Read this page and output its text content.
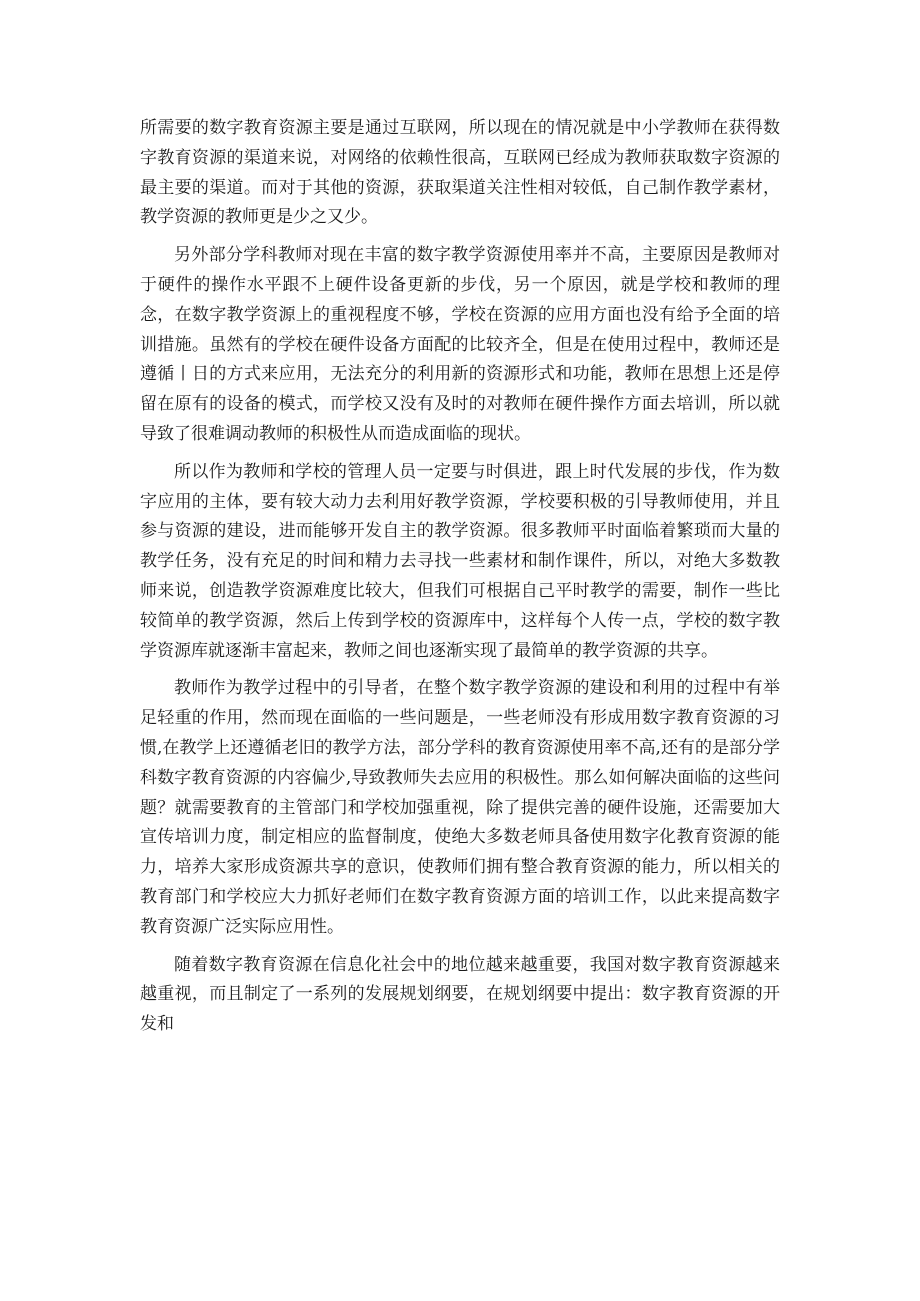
所需要的数字教育资源主要是通过互联网，所以现在的情况就是中小学教师在获得数字教育资源的渠道来说，对网络的依赖性很高，互联网已经成为教师获取数字资源的最主要的渠道。而对于其他的资源，获取渠道关注性相对较低，自己制作教学素材，教学资源的教师更是少之又少。

另外部分学科教师对现在丰富的数字教学资源使用率并不高，主要原因是教师对于硬件的操作水平跟不上硬件设备更新的步伐，另一个原因，就是学校和教师的理念，在数字教学资源上的重视程度不够，学校在资源的应用方面也没有给予全面的培训措施。虽然有的学校在硬件设备方面配的比较齐全，但是在使用过程中，教师还是遵循丨日的方式来应用，无法充分的利用新的资源形式和功能，教师在思想上还是停留在原有的设备的模式，而学校又没有及时的对教师在硬件操作方面去培训，所以就导致了很难调动教师的积极性从而造成面临的现状。

所以作为教师和学校的管理人员一定要与时俱进，跟上时代发展的步伐，作为数字应用的主体，要有较大动力去利用好教学资源，学校要积极的引导教师使用，并且参与资源的建设，进而能够开发自主的教学资源。很多教师平时面临着繁琐而大量的教学任务，没有充足的时间和精力去寻找一些素材和制作课件，所以，对绝大多数教师来说，创造教学资源难度比较大，但我们可根据自己平时教学的需要，制作一些比较简单的教学资源，然后上传到学校的资源库中，这样每个人传一点，学校的数字教学资源库就逐渐丰富起来，教师之间也逐渐实现了最简单的教学资源的共享。

教师作为教学过程中的引导者，在整个数字教学资源的建设和利用的过程中有举足轻重的作用，然而现在面临的一些问题是，一些老师没有形成用数字教育资源的习惯,在教学上还遵循老旧的教学方法，部分学科的教育资源使用率不高,还有的是部分学科数字教育资源的内容偏少,导致教师失去应用的积极性。那么如何解决面临的这些问题？就需要教育的主管部门和学校加强重视，除了提供完善的硬件设施，还需要加大宣传培训力度，制定相应的监督制度，使绝大多数老师具备使用数字化教育资源的能力，培养大家形成资源共享的意识，使教师们拥有整合教育资源的能力，所以相关的教育部门和学校应大力抓好老师们在数字教育资源方面的培训工作，以此来提高数字教育资源广泛实际应用性。

随着数字教育资源在信息化社会中的地位越来越重要，我国对数字教育资源越来越重视，而且制定了一系列的发展规划纲要，在规划纲要中提出：数字教育资源的开发和
